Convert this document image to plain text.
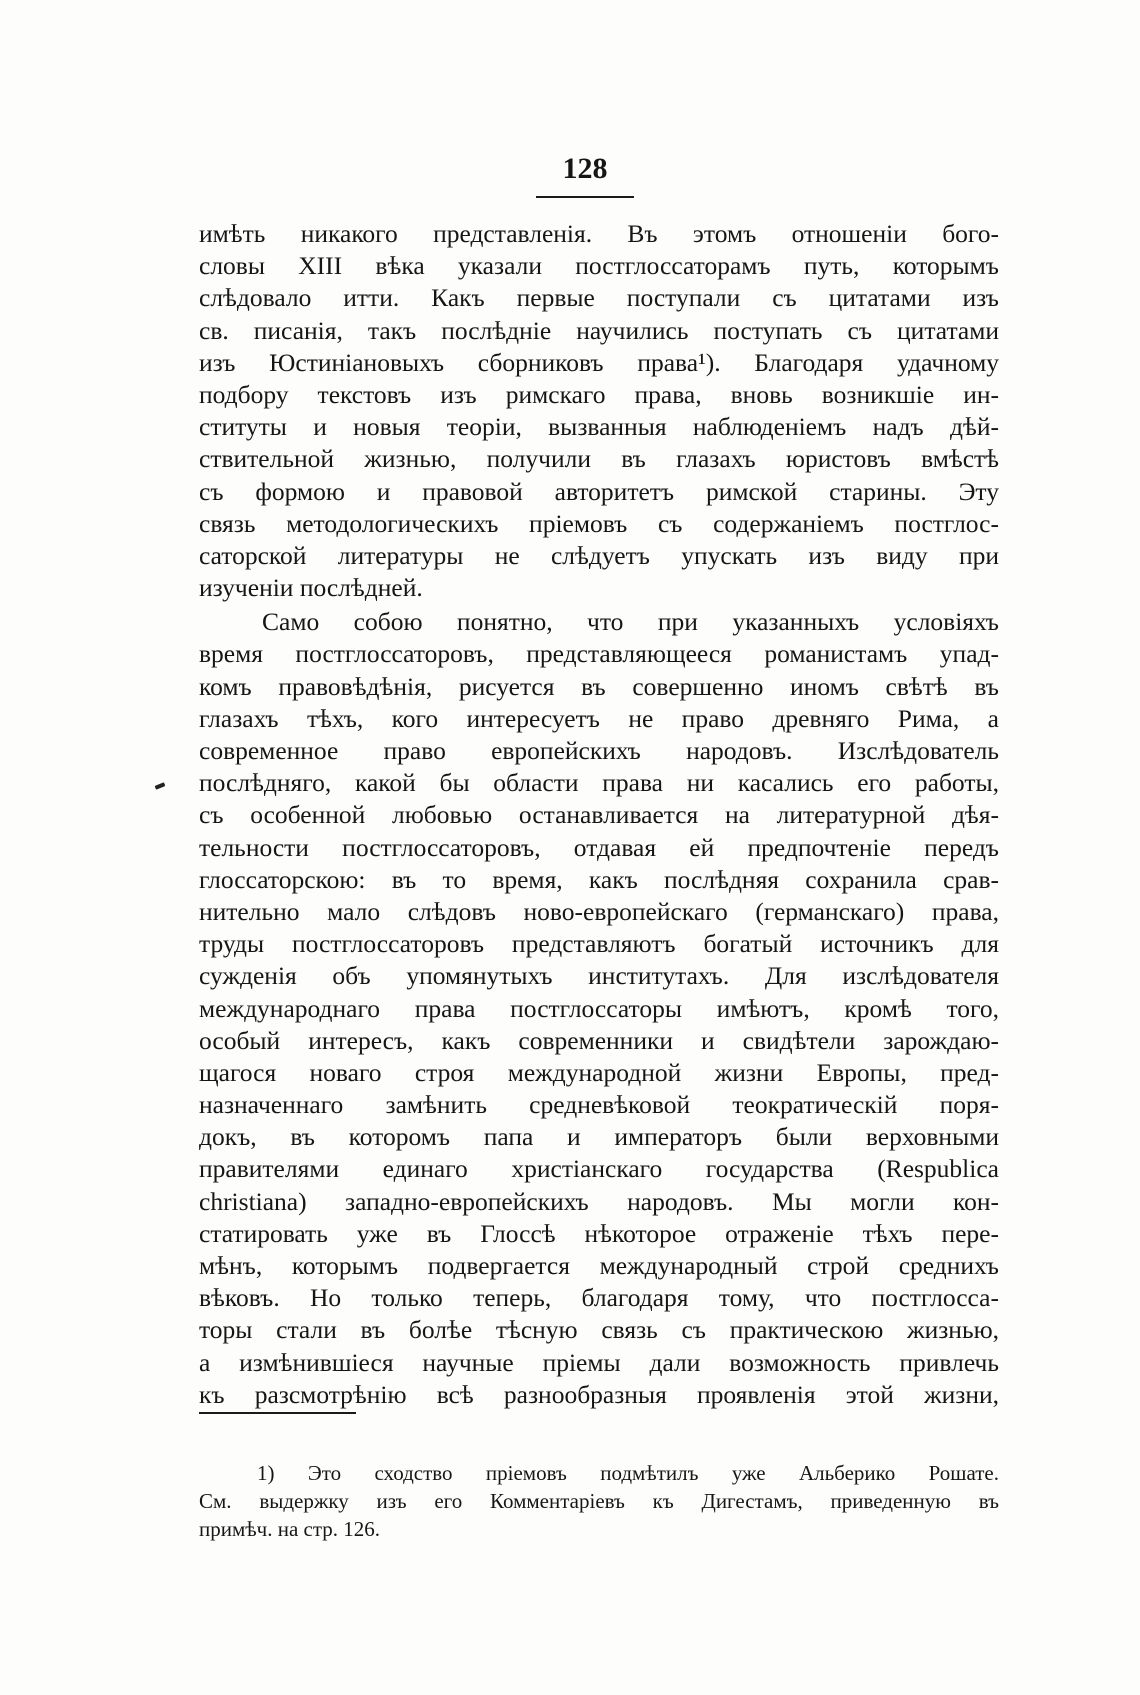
128
имѣть никакого представленія. Въ этомъ отношеніи бого-
словы XIII вѣка указали постглоссаторамъ путь, которымъ
слѣдовало итти. Какъ первые поступали съ цитатами изъ
св. писанія, такъ послѣдніе научились поступать съ цитатами
изъ Юстиніановыхъ сборниковъ права¹). Благодаря удачному
подбору текстовъ изъ римскаго права, вновь возникшіе ин-
ституты и новыя теоріи, вызванныя наблюденіемъ надъ дѣй-
ствительной жизнью, получили въ глазахъ юристовъ вмѣстѣ
съ формою и правовой авторитетъ римской старины. Эту
связь методологическихъ пріемовъ съ содержаніемъ постглос-
саторской литературы не слѣдуетъ упускать изъ виду при
изученіи послѣдней.
Само собою понятно, что при указанныхъ условіяхъ
время постглоссаторовъ, представляющееся романистамъ упад-
комъ правовѣдѣнія, рисуется въ совершенно иномъ свѣтѣ въ
глазахъ тѣхъ, кого интересуетъ не право древняго Рима, а
современное право европейскихъ народовъ. Изслѣдователь
послѣдняго, какой бы области права ни касались его работы,
съ особенной любовью останавливается на литературной дѣя-
тельности постглоссаторовъ, отдавая ей предпочтеніе передъ
глоссаторскою: въ то время, какъ послѣдняя сохранила срав-
нительно мало слѣдовъ ново-европейскаго (германскаго) права,
труды постглоссаторовъ представляютъ богатый источникъ для
сужденія объ упомянутыхъ институтахъ. Для изслѣдователя
международнаго права постглоссаторы имѣютъ, кромѣ того,
особый интересъ, какъ современники и свидѣтели зарождаю-
щагося новаго строя международной жизни Европы, пред-
назначеннаго замѣнить средневѣковой теократическій поря-
докъ, въ которомъ папа и императоръ были верховными
правителями единаго христіанскаго государства (Respublica
christiana) западно-европейскихъ народовъ. Мы могли кон-
статировать уже въ Глоссѣ нѣкоторое отраженіе тѣхъ пере-
мѣнъ, которымъ подвергается международный строй среднихъ
вѣковъ. Но только теперь, благодаря тому, что постглосса-
торы стали въ болѣе тѣсную связь съ практическою жизнью,
а измѣнившіеся научные пріемы дали возможность привлечь
къ разсмотрѣнію всѣ разнообразныя проявленія этой жизни,
1) Это сходство пріемовъ подмѣтилъ уже Альберико Рошате.
См. выдержку изъ его Комментаріевъ къ Дигестамъ, приведенную въ
примѣч. на стр. 126.
